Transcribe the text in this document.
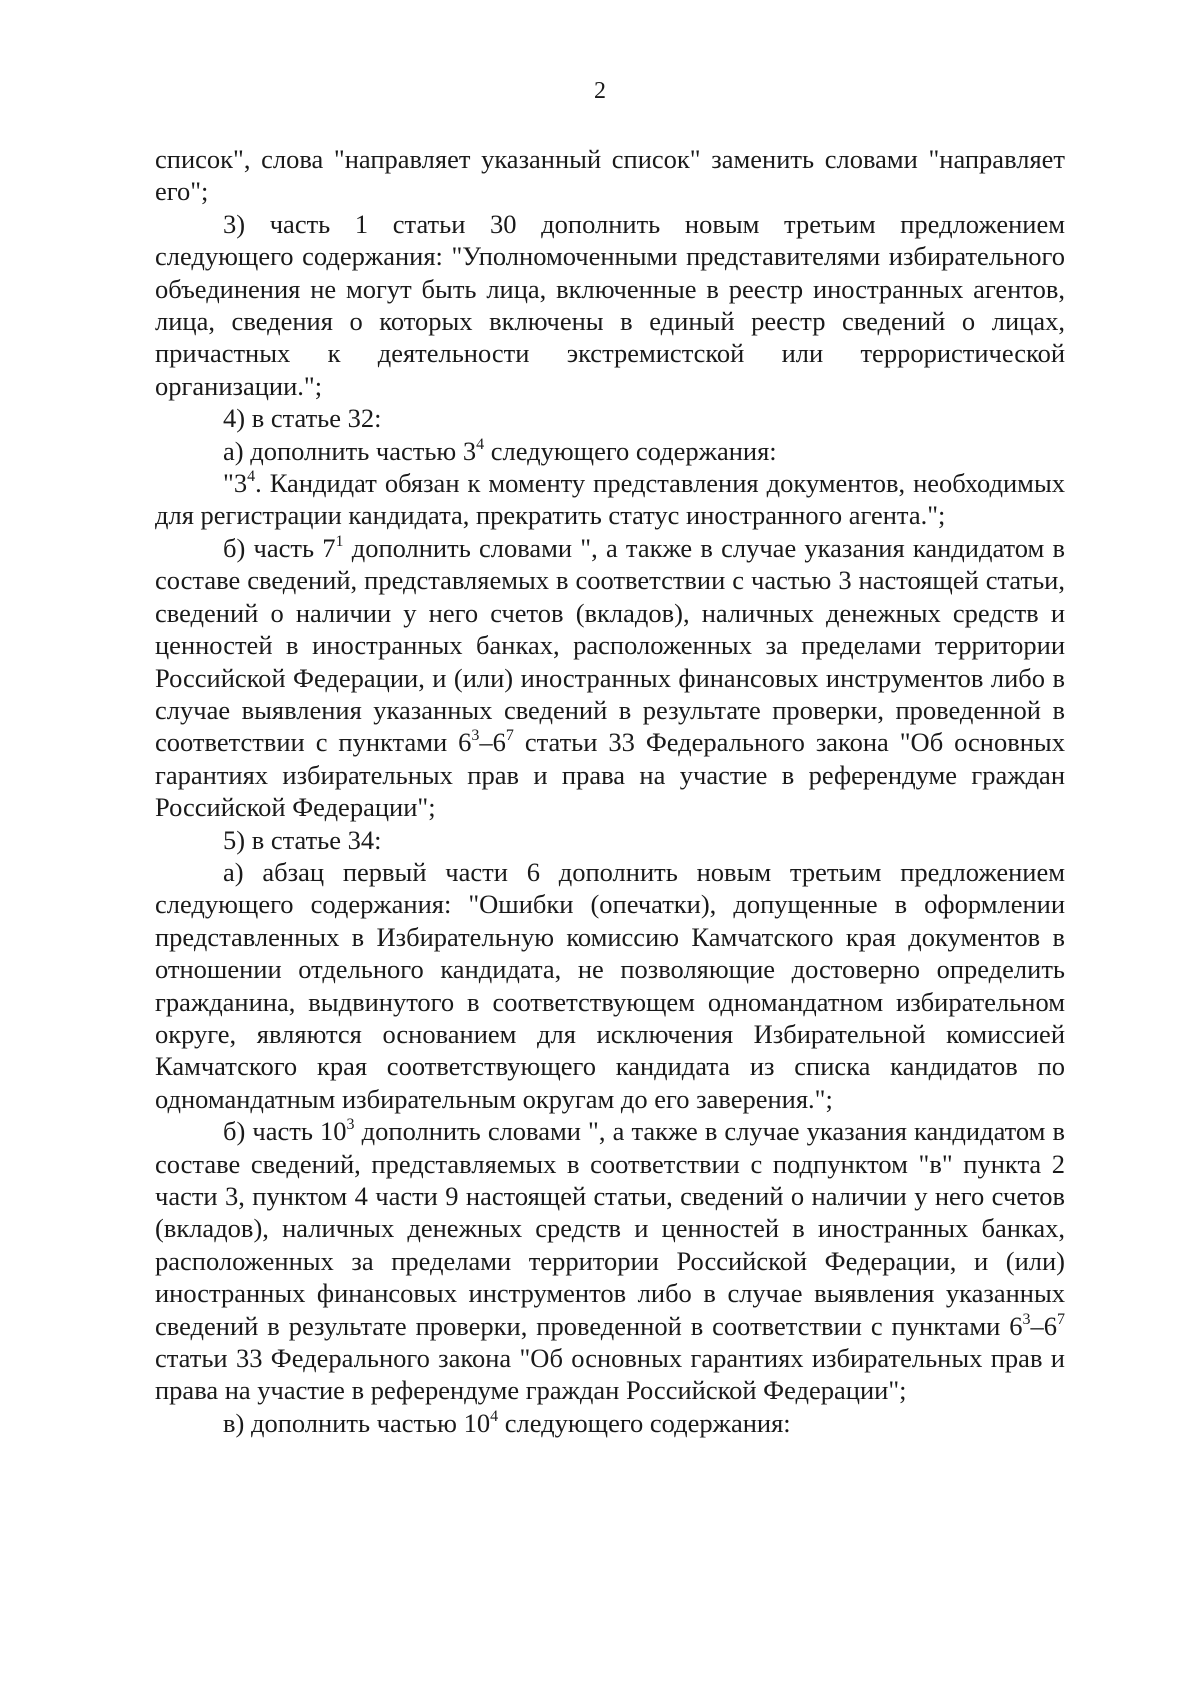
2

список", слова "направляет указанный список" заменить словами "направляет его";

3) часть 1 статьи 30 дополнить новым третьим предложением следующего содержания: "Уполномоченными представителями избирательного объединения не могут быть лица, включенные в реестр иностранных агентов, лица, сведения о которых включены в единый реестр сведений о лицах, причастных к деятельности экстремистской или террористической организации.";

4) в статье 32:

а) дополнить частью $3^4$ следующего содержания:

"$3^4$. Кандидат обязан к моменту представления документов, необходимых для регистрации кандидата, прекратить статус иностранного агента.";

б) часть $7^1$ дополнить словами ", а также в случае указания кандидатом в составе сведений, представляемых в соответствии с частью 3 настоящей статьи, сведений о наличии у него счетов (вкладов), наличных денежных средств и ценностей в иностранных банках, расположенных за пределами территории Российской Федерации, и (или) иностранных финансовых инструментов либо в случае выявления указанных сведений в результате проверки, проведенной в соответствии с пунктами $6^3-6^7$ статьи 33 Федерального закона "Об основных гарантиях избирательных прав и права на участие в референдуме граждан Российской Федерации";

5) в статье 34:

а) абзац первый части 6 дополнить новым третьим предложением следующего содержания: "Ошибки (опечатки), допущенные в оформлении представленных в Избирательную комиссию Камчатского края документов в отношении отдельного кандидата, не позволяющие достоверно определить гражданина, выдвинутого в соответствующем одномандатном избирательном округе, являются основанием для исключения Избирательной комиссией Камчатского края соответствующего кандидата из списка кандидатов по одномандатным избирательным округам до его заверения.";

б) часть $10^3$ дополнить словами ", а также в случае указания кандидатом в составе сведений, представляемых в соответствии с подпунктом "в" пункта 2 части 3, пунктом 4 части 9 настоящей статьи, сведений о наличии у него счетов (вкладов), наличных денежных средств и ценностей в иностранных банках, расположенных за пределами территории Российской Федерации, и (или) иностранных финансовых инструментов либо в случае выявления указанных сведений в результате проверки, проведенной в соответствии с пунктами $6^3-6^7$ статьи 33 Федерального закона "Об основных гарантиях избирательных прав и права на участие в референдуме граждан Российской Федерации";

в) дополнить частью $10^4$ следующего содержания:
